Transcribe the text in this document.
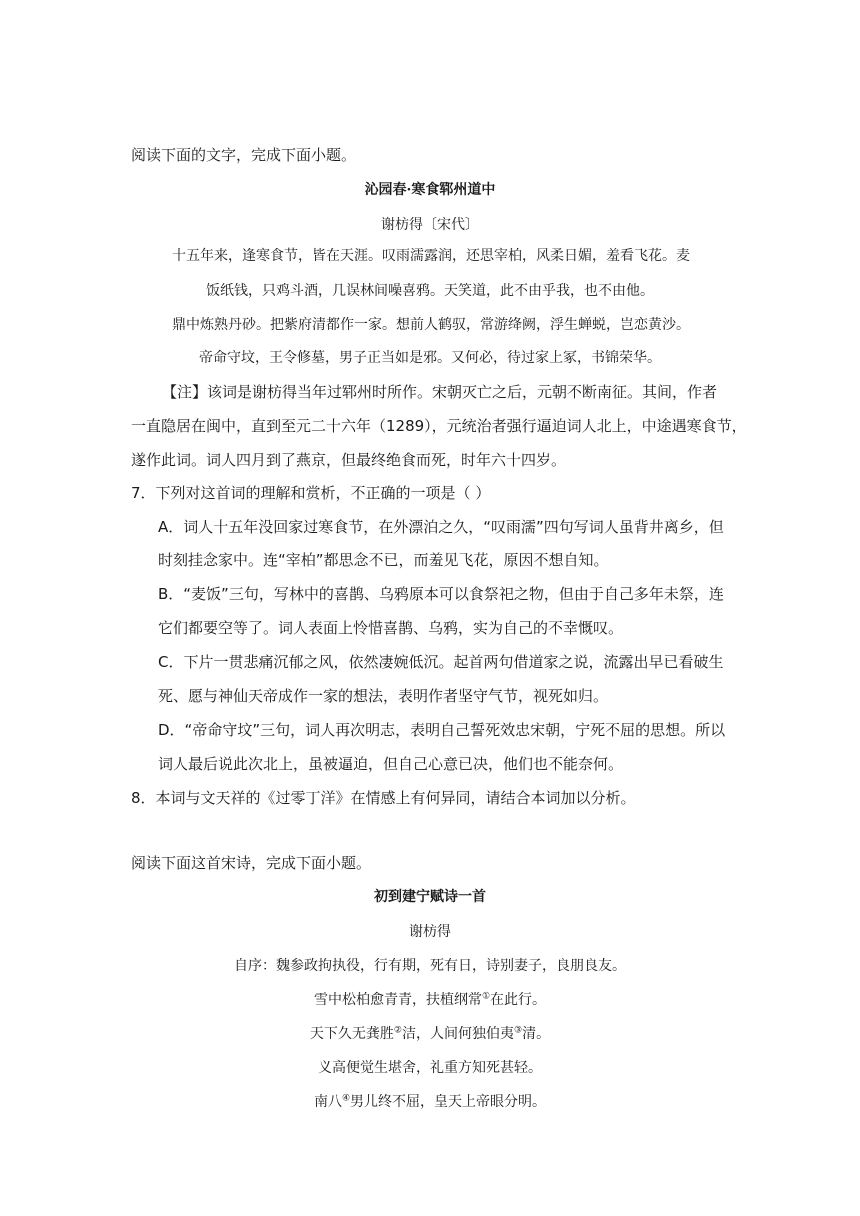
阅读下面的文字，完成下面小题。
沁园春·寒食郓州道中
谢枋得〔宋代〕
十五年来，逢寒食节，皆在天涯。叹雨濡露润，还思宰柏，风柔日媚，羞看飞花。麦
饭纸钱，只鸡斗酒，几误林间噪喜鸦。天笑道，此不由乎我，也不由他。
鼎中炼熟丹砂。把紫府清都作一家。想前人鹤驭，常游绛阙，浮生蝉蜕，岂恋黄沙。
帝命守坟，王令修墓，男子正当如是邪。又何必，待过家上冢，书锦荣华。
【注】该词是谢枋得当年过郓州时所作。宋朝灭亡之后，元朝不断南征。其间，作者
一直隐居在闽中，直到至元二十六年（1289），元统治者强行逼迫词人北上，中途遇寒食节，
遂作此词。词人四月到了燕京，但最终绝食而死，时年六十四岁。
7．下列对这首词的理解和赏析，不正确的一项是（ ）
A．词人十五年没回家过寒食节，在外漂泊之久，“叹雨濡”四句写词人虽背井离乡，但
时刻挂念家中。连“宰柏”都思念不已，而羞见飞花，原因不想自知。
B．“麦饭”三句，写林中的喜鹊、乌鸦原本可以食祭祀之物，但由于自己多年未祭，连
它们都要空等了。词人表面上怜惜喜鹊、乌鸦，实为自己的不幸慨叹。
C．下片一贯悲痛沉郁之风，依然凄婉低沉。起首两句借道家之说，流露出早已看破生
死、愿与神仙天帝成作一家的想法，表明作者坚守气节，视死如归。
D．“帝命守坟”三句，词人再次明志，表明自己誓死效忠宋朝，宁死不屈的思想。所以
词人最后说此次北上，虽被逼迫，但自己心意已决，他们也不能奈何。
8．本词与文天祥的《过零丁洋》在情感上有何异同，请结合本词加以分析。
阅读下面这首宋诗，完成下面小题。
初到建宁赋诗一首
谢枋得
自序：魏参政拘执役，行有期，死有日，诗别妻子，良朋良友。
雪中松柏愈青青，扶植纲常①在此行。
天下久无龚胜②洁，人间何独伯夷③清。
义高便觉生堪舍，礼重方知死甚轻。
南八④男儿终不屈，皇天上帝眼分明。
